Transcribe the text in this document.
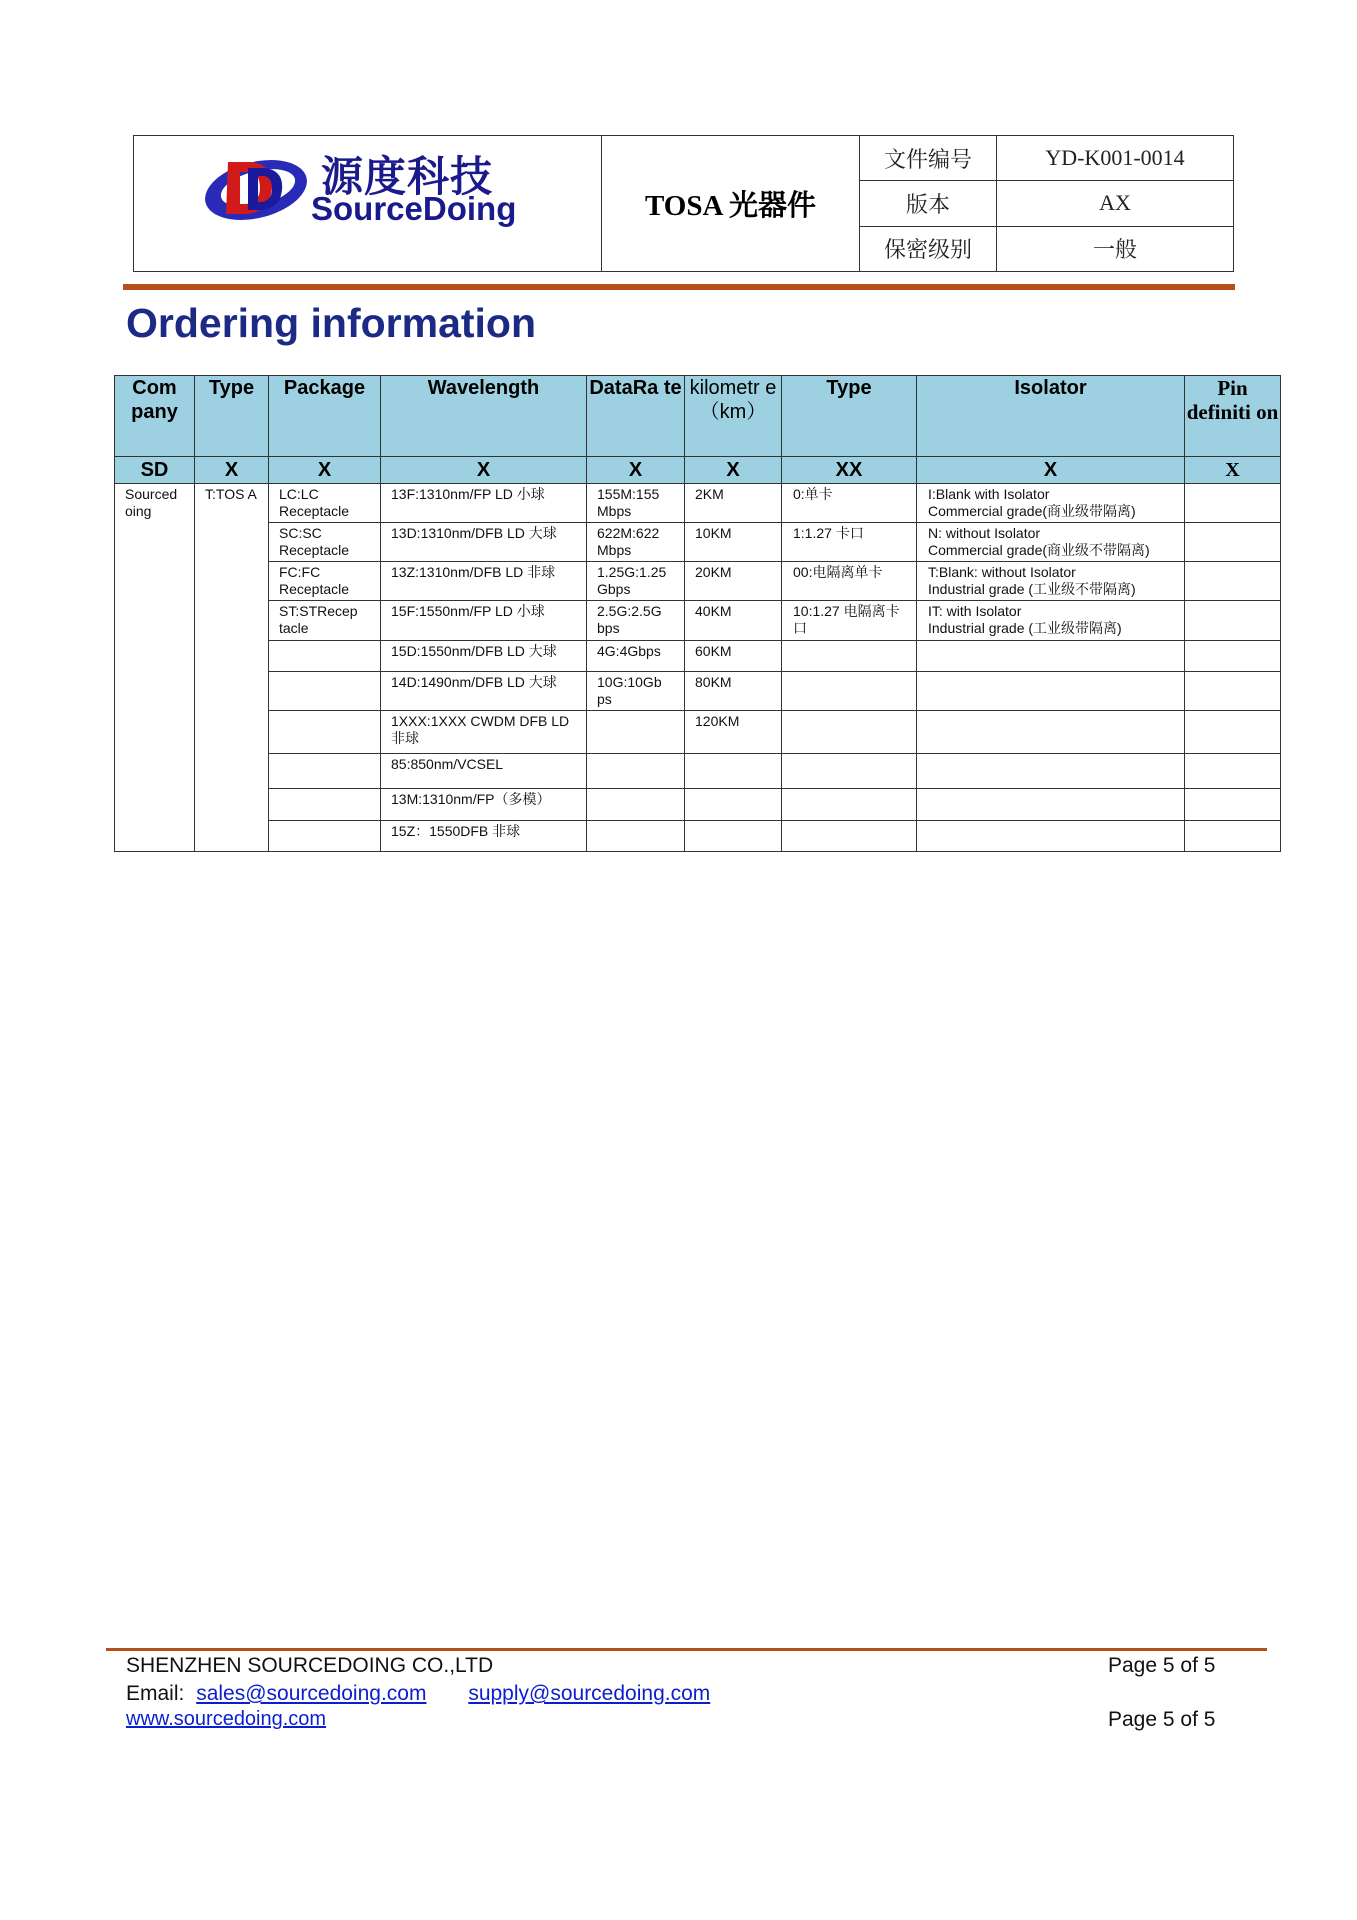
源度科技
SourceDoing	TOSA 光器件
文件编号	YD-K001-0014
版本	AX
保密级别	一般
Ordering information
Com pany	Type	Package	Wavelength	DataRa te	kilometr e（km）	Type	Isolator	Pin definiti on
SD	X	X	X	X	X	XX	X	X
Sourced oing	T:TOS A	LC:LC Receptacle	13F:1310nm/FP LD 小球	155M:155 Mbps	2KM	0:单卡	I:Blank with Isolator
Commercial grade(商业级带隔离)	

		SC:SC Receptacle	13D:1310nm/DFB LD 大球	622M:622 Mbps	10KM	1:1.27 卡口	N: without Isolator
Commercial grade(商业级不带隔离)	

		FC:FC Receptacle	13Z:1310nm/DFB LD 非球	1.25G:1.25 Gbps	20KM	00:电隔离单卡	T:Blank: without Isolator
Industrial grade (工业级不带隔离)	

		ST:STRecep tacle	15F:1550nm/FP LD 小球	2.5G:2.5G bps	40KM	10:1.27 电隔离卡 口	IT: with Isolator
Industrial grade (工业级带隔离)	

			15D:1550nm/DFB LD 大球	4G:4Gbps	60KM			
			14D:1490nm/DFB LD 大球	10G:10Gb ps	80KM			
			1XXX:1XXX CWDM DFB LD 非球		120KM			
			85:850nm/VCSEL					
			13M:1310nm/FP（多模）					
			15Z：1550DFB 非球					
SHENZHEN SOURCEDOING CO.,LTD	Page 5 of 5
Email: sales@sourcedoing.com supply@sourcedoing.com
www.sourcedoing.com	Page 5 of 5
